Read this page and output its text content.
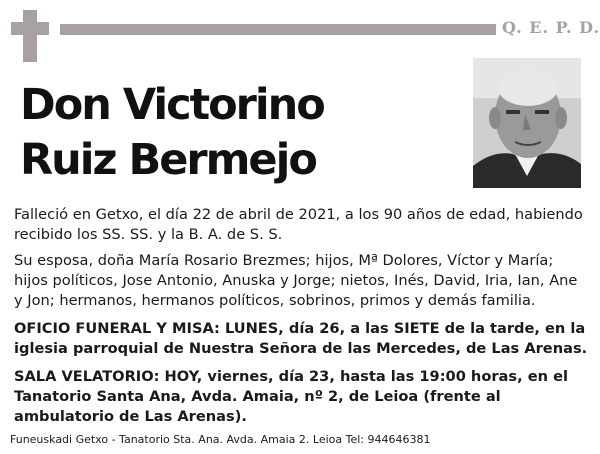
Q. E. P. D.
Don Victorino
Ruiz Bermejo
Falleció en Getxo, el día 22 de abril de 2021, a los 90 años de edad, habiendo recibido los SS. SS. y la B. A. de S. S.
Su esposa, doña María Rosario Brezmes; hijos, Mª Dolores, Víctor y María; hijos políticos, Jose Antonio, Anuska y Jorge; nietos, Inés, David, Iria, Ian, Ane y Jon; hermanos, hermanos políticos, sobrinos, primos y demás familia.
OFICIO FUNERAL Y MISA: LUNES, día 26, a las SIETE de la tarde, en la iglesia parroquial de Nuestra Señora de las Mercedes, de Las Arenas.
SALA VELATORIO: HOY, viernes, día 23, hasta las 19:00 horas, en el Tanatorio Santa Ana, Avda. Amaia, nº 2, de Leioa (frente al ambulatorio de Las Arenas).
Funeuskadi Getxo - Tanatorio Sta. Ana. Avda. Amaia 2. Leioa Tel: 944646381
